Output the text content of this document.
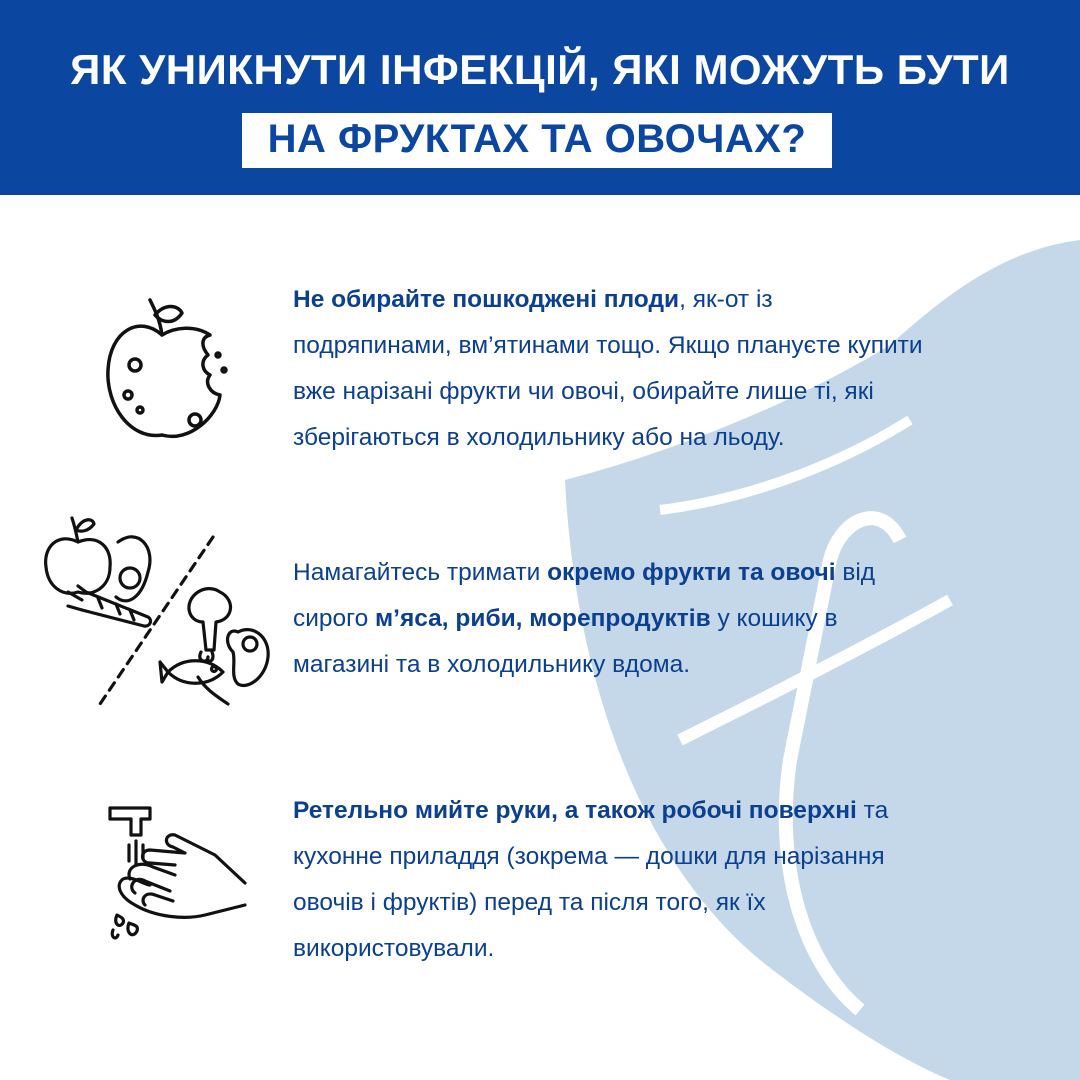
ЯК УНИКНУТИ ІНФЕКЦІЙ, ЯКІ МОЖУТЬ БУТИ
НА ФРУКТАХ ТА ОВОЧАХ?
Не обирайте пошкоджені плоди, як-от із
подряпинами, вм’ятинами тощо. Якщо плануєте купити
вже нарізані фрукти чи овочі, обирайте лише ті, які
зберігаються в холодильнику або на льоду.
Намагайтесь тримати окремо фрукти та овочі від
сирого м’яса, риби, морепродуктів у кошику в
магазині та в холодильнику вдома.
Ретельно мийте руки, а також робочі поверхні та
кухонне приладдя (зокрема — дошки для нарізання
овочів і фруктів) перед та після того, як їх
використовували.
